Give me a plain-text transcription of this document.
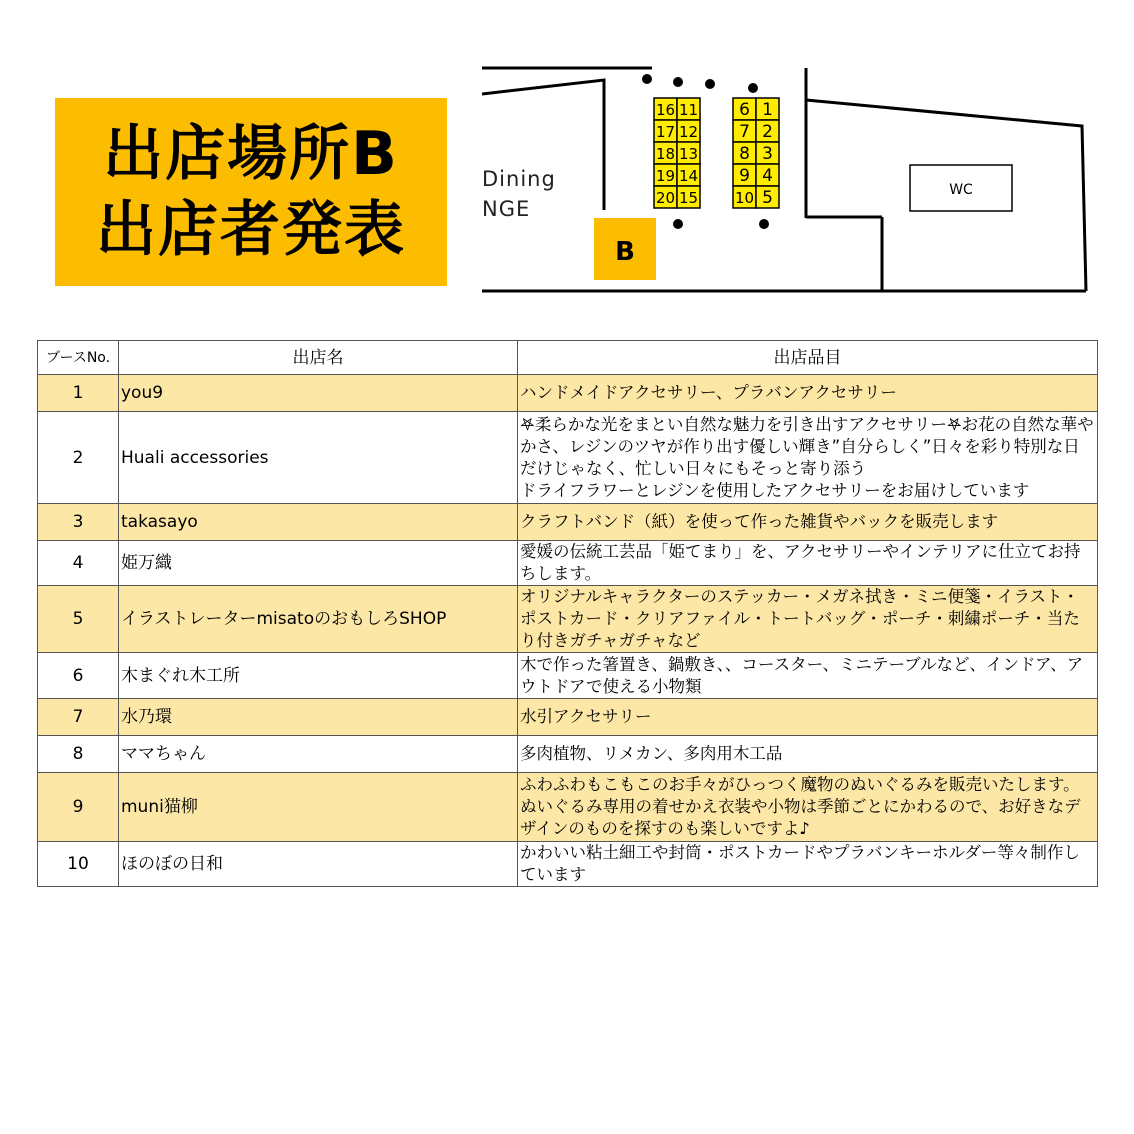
出店場所B
出店者発表
Dining
NGE
WC
B
16 11
17 12
18 13
19 14
20 15
6 1
7 2
8 3
9 4
10 5
ブースNo.	出店名	出店品目
1	you9	ハンドメイドアクセサリー、プラバンアクセサリー
2	Huali accessories	𖤐柔らかな光をまとい自然な魅力を引き出すアクセサリー𖤐お花の自然な華やかさ、レジンのツヤが作り出す優しい輝き”自分らしく”日々を彩り特別な日だけじゃなく、忙しい日々にもそっと寄り添う
ドライフラワーとレジンを使用したアクセサリーをお届けしています
3	takasayo	クラフトバンド（紙）を使って作った雑貨やバックを販売します
4	姫万織	愛媛の伝統工芸品「姫てまり」を、アクセサリーやインテリアに仕立てお持ちします。
5	イラストレーターmisatoのおもしろSHOP	オリジナルキャラクターのステッカー・メガネ拭き・ミニ便箋・イラスト・ポストカード・クリアファイル・トートバッグ・ポーチ・刺繍ポーチ・当たり付きガチャガチャなど
6	木まぐれ木工所	木で作った箸置き、鍋敷き、、コースター、ミニテーブルなど、インドア、アウトドアで使える小物類
7	水乃環	水引アクセサリー
8	ママちゃん	多肉植物、リメカン、多肉用木工品
9	muni猫柳	ふわふわもこもこのお手々がひっつく魔物のぬいぐるみを販売いたします。ぬいぐるみ専用の着せかえ衣装や小物は季節ごとにかわるので、お好きなデザインのものを探すのも楽しいですよ♪
10	ほのぼの日和	かわいい粘土細工や封筒・ポストカードやプラバンキーホルダー等々制作しています
